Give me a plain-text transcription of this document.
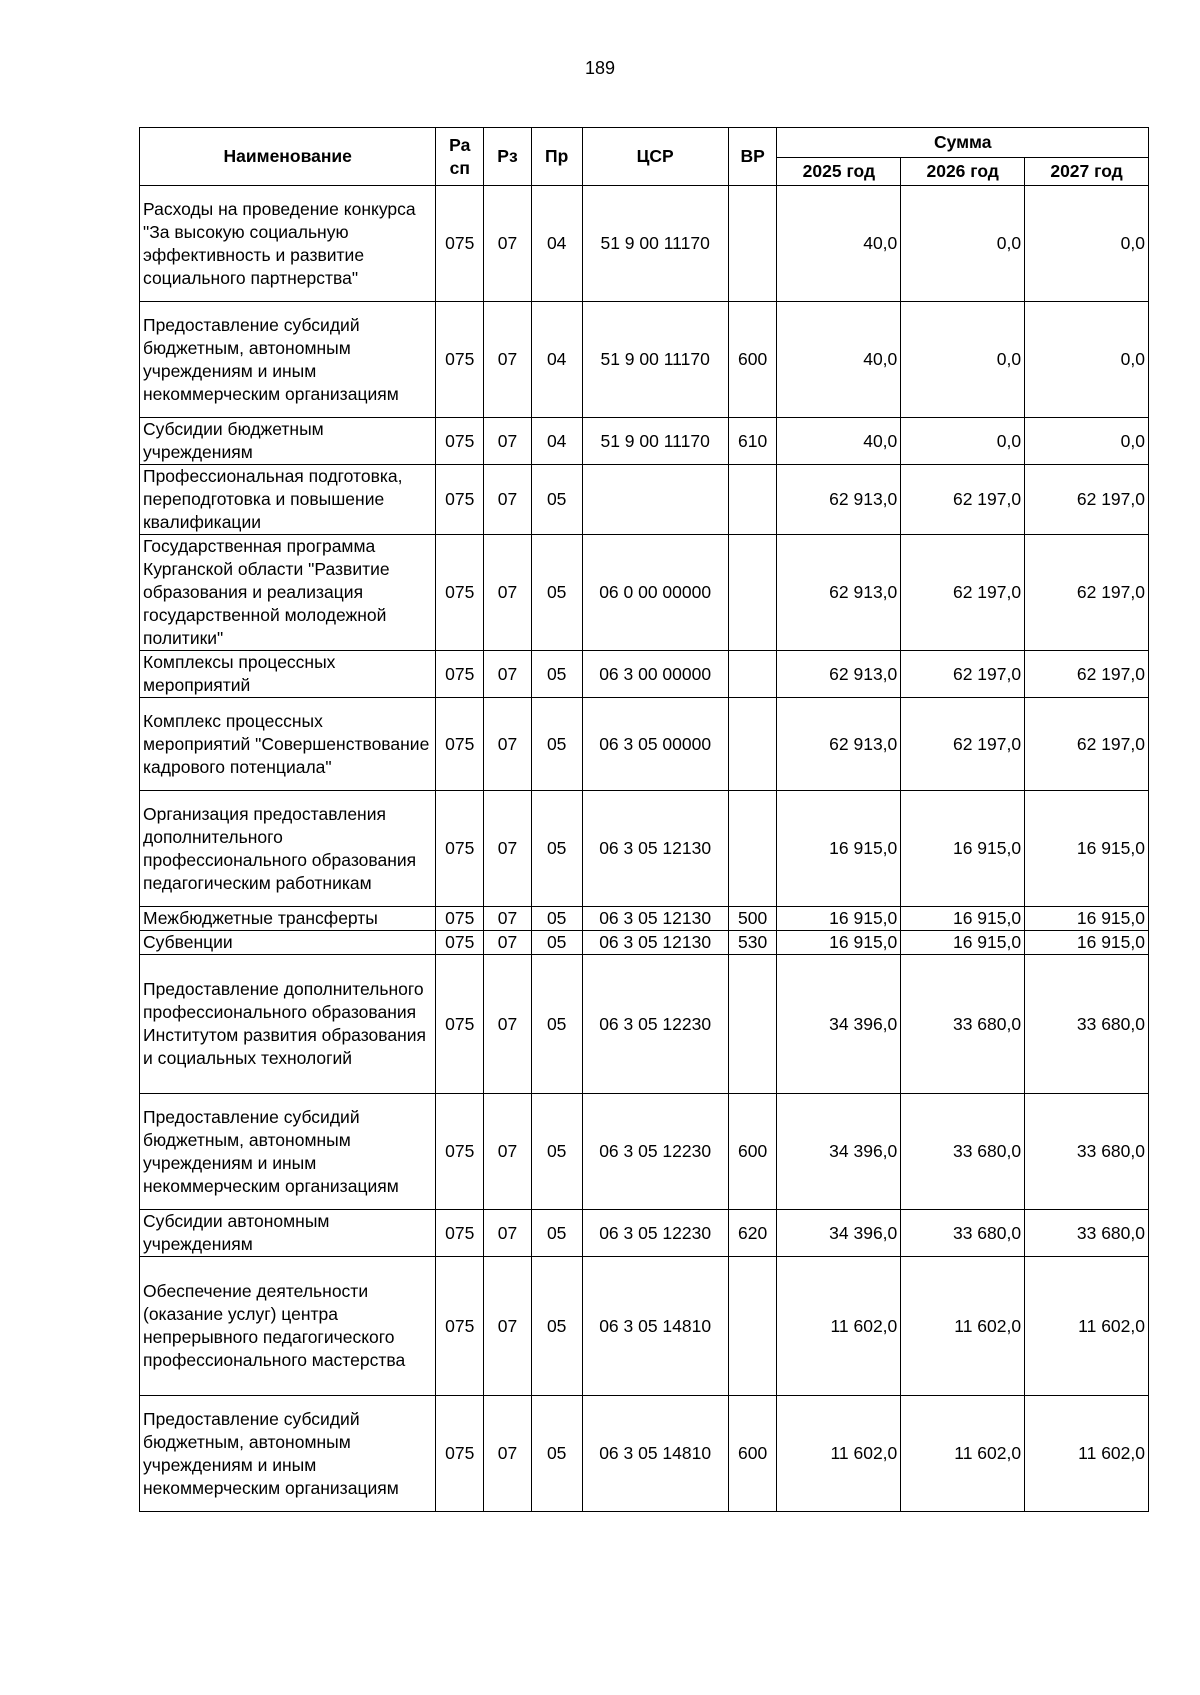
189
Наименование	Ра сп	Рз	Пр	ЦСР	ВР	Сумма		
						2025 год	2026 год	2027 год
Расходы на проведение конкурса "За высокую социальную эффективность и развитие социального партнерства"	075	07	04	51 9 00 11170		40,0	0,0	0,0
Предоставление субсидий бюджетным, автономным учреждениям и иным некоммерческим организациям	075	07	04	51 9 00 11170	600	40,0	0,0	0,0
Субсидии бюджетным учреждениям	075	07	04	51 9 00 11170	610	40,0	0,0	0,0
Профессиональная подготовка, переподготовка и повышение квалификации	075	07	05			62 913,0	62 197,0	62 197,0
Государственная программа Курганской области "Развитие образования и реализация государственной молодежной политики"	075	07	05	06 0 00 00000		62 913,0	62 197,0	62 197,0
Комплексы процессных мероприятий	075	07	05	06 3 00 00000		62 913,0	62 197,0	62 197,0
Комплекс процессных мероприятий "Совершенствование кадрового потенциала"	075	07	05	06 3 05 00000		62 913,0	62 197,0	62 197,0
Организация предоставления дополнительного профессионального образования педагогическим работникам	075	07	05	06 3 05 12130		16 915,0	16 915,0	16 915,0
Межбюджетные трансферты	075	07	05	06 3 05 12130	500	16 915,0	16 915,0	16 915,0
Субвенции	075	07	05	06 3 05 12130	530	16 915,0	16 915,0	16 915,0
Предоставление дополнительного профессионального образования Институтом развития образования и социальных технологий	075	07	05	06 3 05 12230		34 396,0	33 680,0	33 680,0
Предоставление субсидий бюджетным, автономным учреждениям и иным некоммерческим организациям	075	07	05	06 3 05 12230	600	34 396,0	33 680,0	33 680,0
Субсидии автономным учреждениям	075	07	05	06 3 05 12230	620	34 396,0	33 680,0	33 680,0
Обеспечение деятельности (оказание услуг) центра непрерывного педагогического профессионального мастерства	075	07	05	06 3 05 14810		11 602,0	11 602,0	11 602,0
Предоставление субсидий бюджетным, автономным учреждениям и иным некоммерческим организациям	075	07	05	06 3 05 14810	600	11 602,0	11 602,0	11 602,0
